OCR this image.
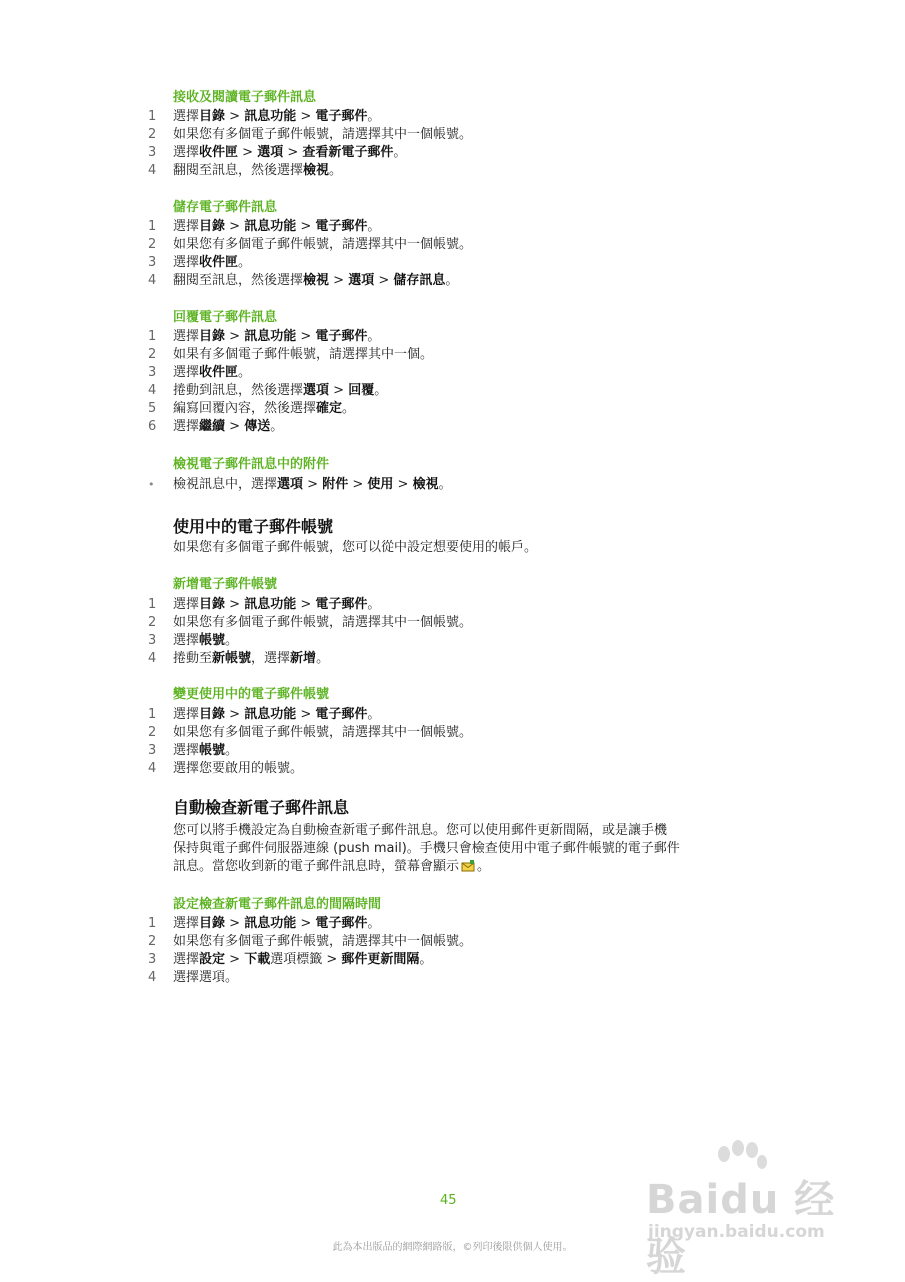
接收及閱讀電子郵件訊息
1	選擇目錄 > 訊息功能 > 電子郵件。
2	如果您有多個電子郵件帳號，請選擇其中一個帳號。
3	選擇收件匣 > 選項 > 查看新電子郵件。
4	翻閱至訊息，然後選擇檢視。
儲存電子郵件訊息
1	選擇目錄 > 訊息功能 > 電子郵件。
2	如果您有多個電子郵件帳號，請選擇其中一個帳號。
3	選擇收件匣。
4	翻閱至訊息，然後選擇檢視 > 選項 > 儲存訊息。
回覆電子郵件訊息
1	選擇目錄 > 訊息功能 > 電子郵件。
2	如果有多個電子郵件帳號，請選擇其中一個。
3	選擇收件匣。
4	捲動到訊息，然後選擇選項 > 回覆。
5	編寫回覆內容，然後選擇確定。
6	選擇繼續 > 傳送。
檢視電子郵件訊息中的附件
•	檢視訊息中，選擇選項 > 附件 > 使用 > 檢視。
使用中的電子郵件帳號
如果您有多個電子郵件帳號，您可以從中設定想要使用的帳戶。
新增電子郵件帳號
1	選擇目錄 > 訊息功能 > 電子郵件。
2	如果您有多個電子郵件帳號，請選擇其中一個帳號。
3	選擇帳號。
4	捲動至新帳號，選擇新增。
變更使用中的電子郵件帳號
1	選擇目錄 > 訊息功能 > 電子郵件。
2	如果您有多個電子郵件帳號，請選擇其中一個帳號。
3	選擇帳號。
4	選擇您要啟用的帳號。
自動檢查新電子郵件訊息
您可以將手機設定為自動檢查新電子郵件訊息。您可以使用郵件更新間隔，或是讓手機
保持與電子郵件伺服器連線 (push mail)。手機只會檢查使用中電子郵件帳號的電子郵件
訊息。當您收到新的電子郵件訊息時，螢幕會顯示 。
設定檢查新電子郵件訊息的間隔時間
1	選擇目錄 > 訊息功能 > 電子郵件。
2	如果您有多個電子郵件帳號，請選擇其中一個帳號。
3	選擇設定 > 下載選項標籤 > 郵件更新間隔。
4	選擇選項。
45
此為本出版品的網際網路版，©列印後限供個人使用。
Baidu 经验
jingyan.baidu.com
